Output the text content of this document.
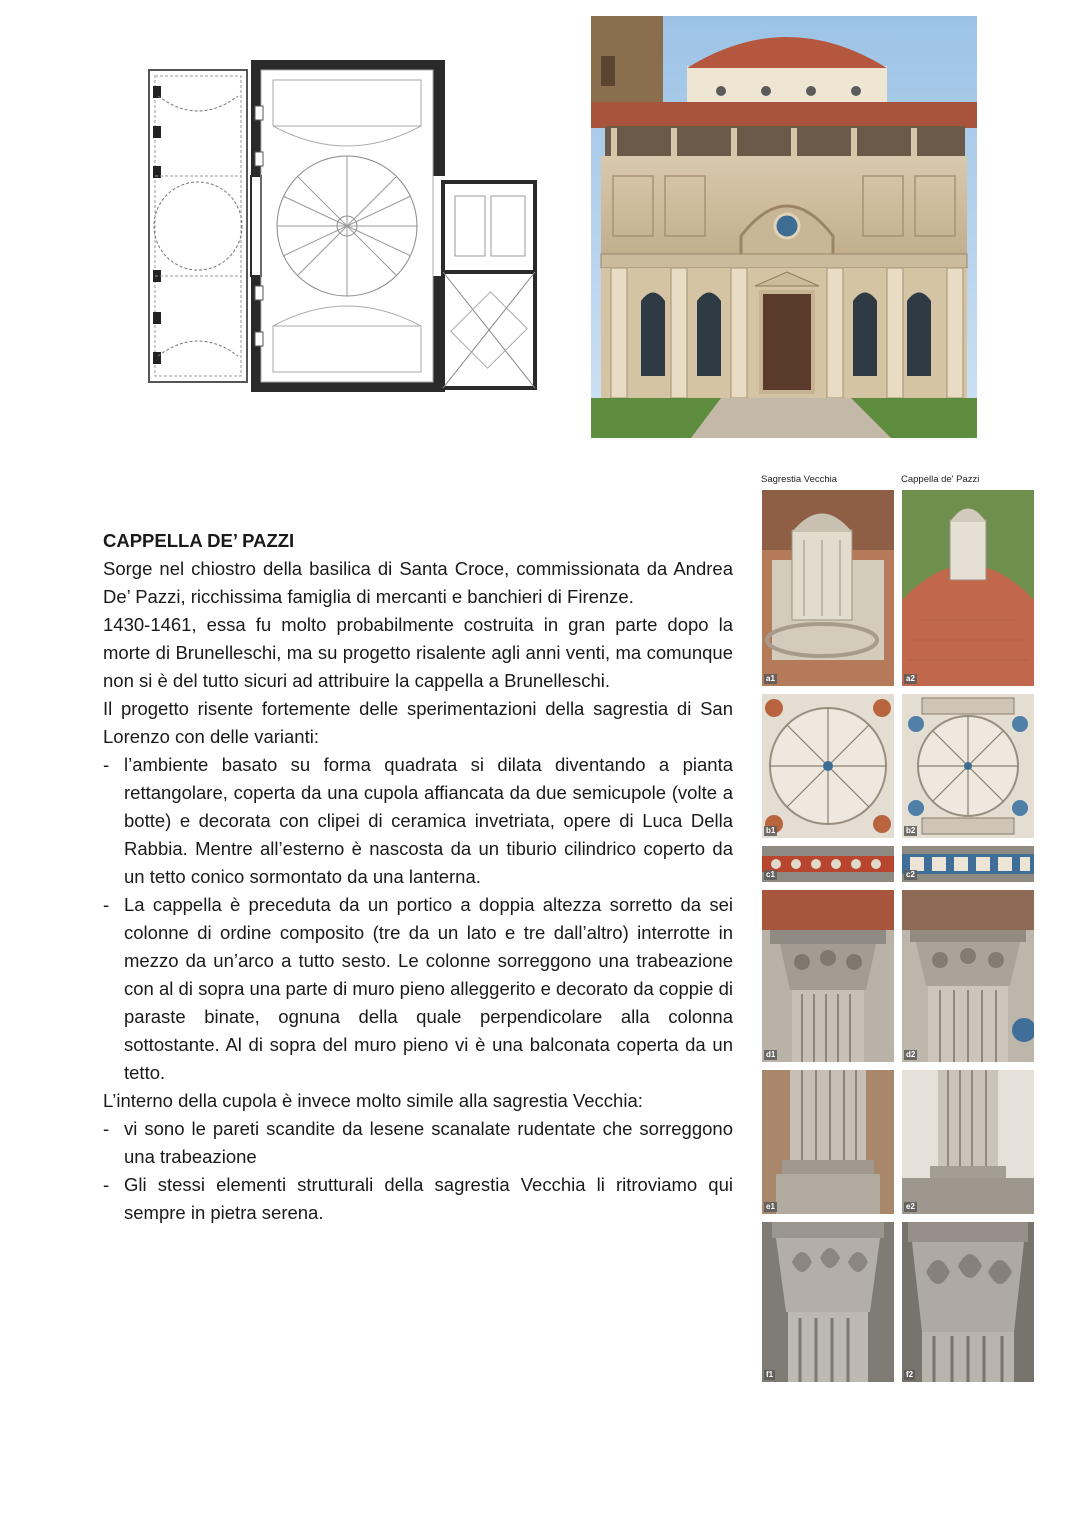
Sagrestia Vecchia	Cappella de' Pazzi
a1	a2
b1	b2
c1	c2
d1	d2
e1	e2
f1	f2
CAPPELLA DE’ PAZZI

Sorge nel chiostro della basilica di Santa Croce, commissionata da Andrea De’ Pazzi, ricchissima famiglia di mercanti e banchieri di Firenze.

1430-1461, essa fu molto probabilmente costruita in gran parte dopo la morte di Brunelleschi, ma su progetto risalente agli anni venti, ma comunque non si è del tutto sicuri ad attribuire la cappella a Brunelleschi.

Il progetto risente fortemente delle sperimentazioni della sagrestia di San Lorenzo con delle varianti:

- l’ambiente basato su forma quadrata si dilata diventando a pianta rettangolare, coperta da una cupola affiancata da due semicupole (volte a botte) e decorata con clipei di ceramica invetriata, opere di Luca Della Rabbia. Mentre all’esterno è nascosta da un tiburio cilindrico coperto da un tetto conico sormontato da una lanterna.
- La cappella è preceduta da un portico a doppia altezza sorretto da sei colonne di ordine composito (tre da un lato e tre dall’altro) interrotte in mezzo da un’arco a tutto sesto. Le colonne sorreggono una trabeazione con al di sopra una parte di muro pieno alleggerito e decorato da coppie di paraste binate, ognuna della quale perpendicolare alla colonna sottostante. Al di sopra del muro pieno vi è una balconata coperta da un tetto.

L’interno della cupola è invece molto simile alla sagrestia Vecchia:

- vi sono le pareti scandite da lesene scanalate rudentate che sorreggono una trabeazione
- Gli stessi elementi strutturali della sagrestia Vecchia li ritroviamo qui sempre in pietra serena.
